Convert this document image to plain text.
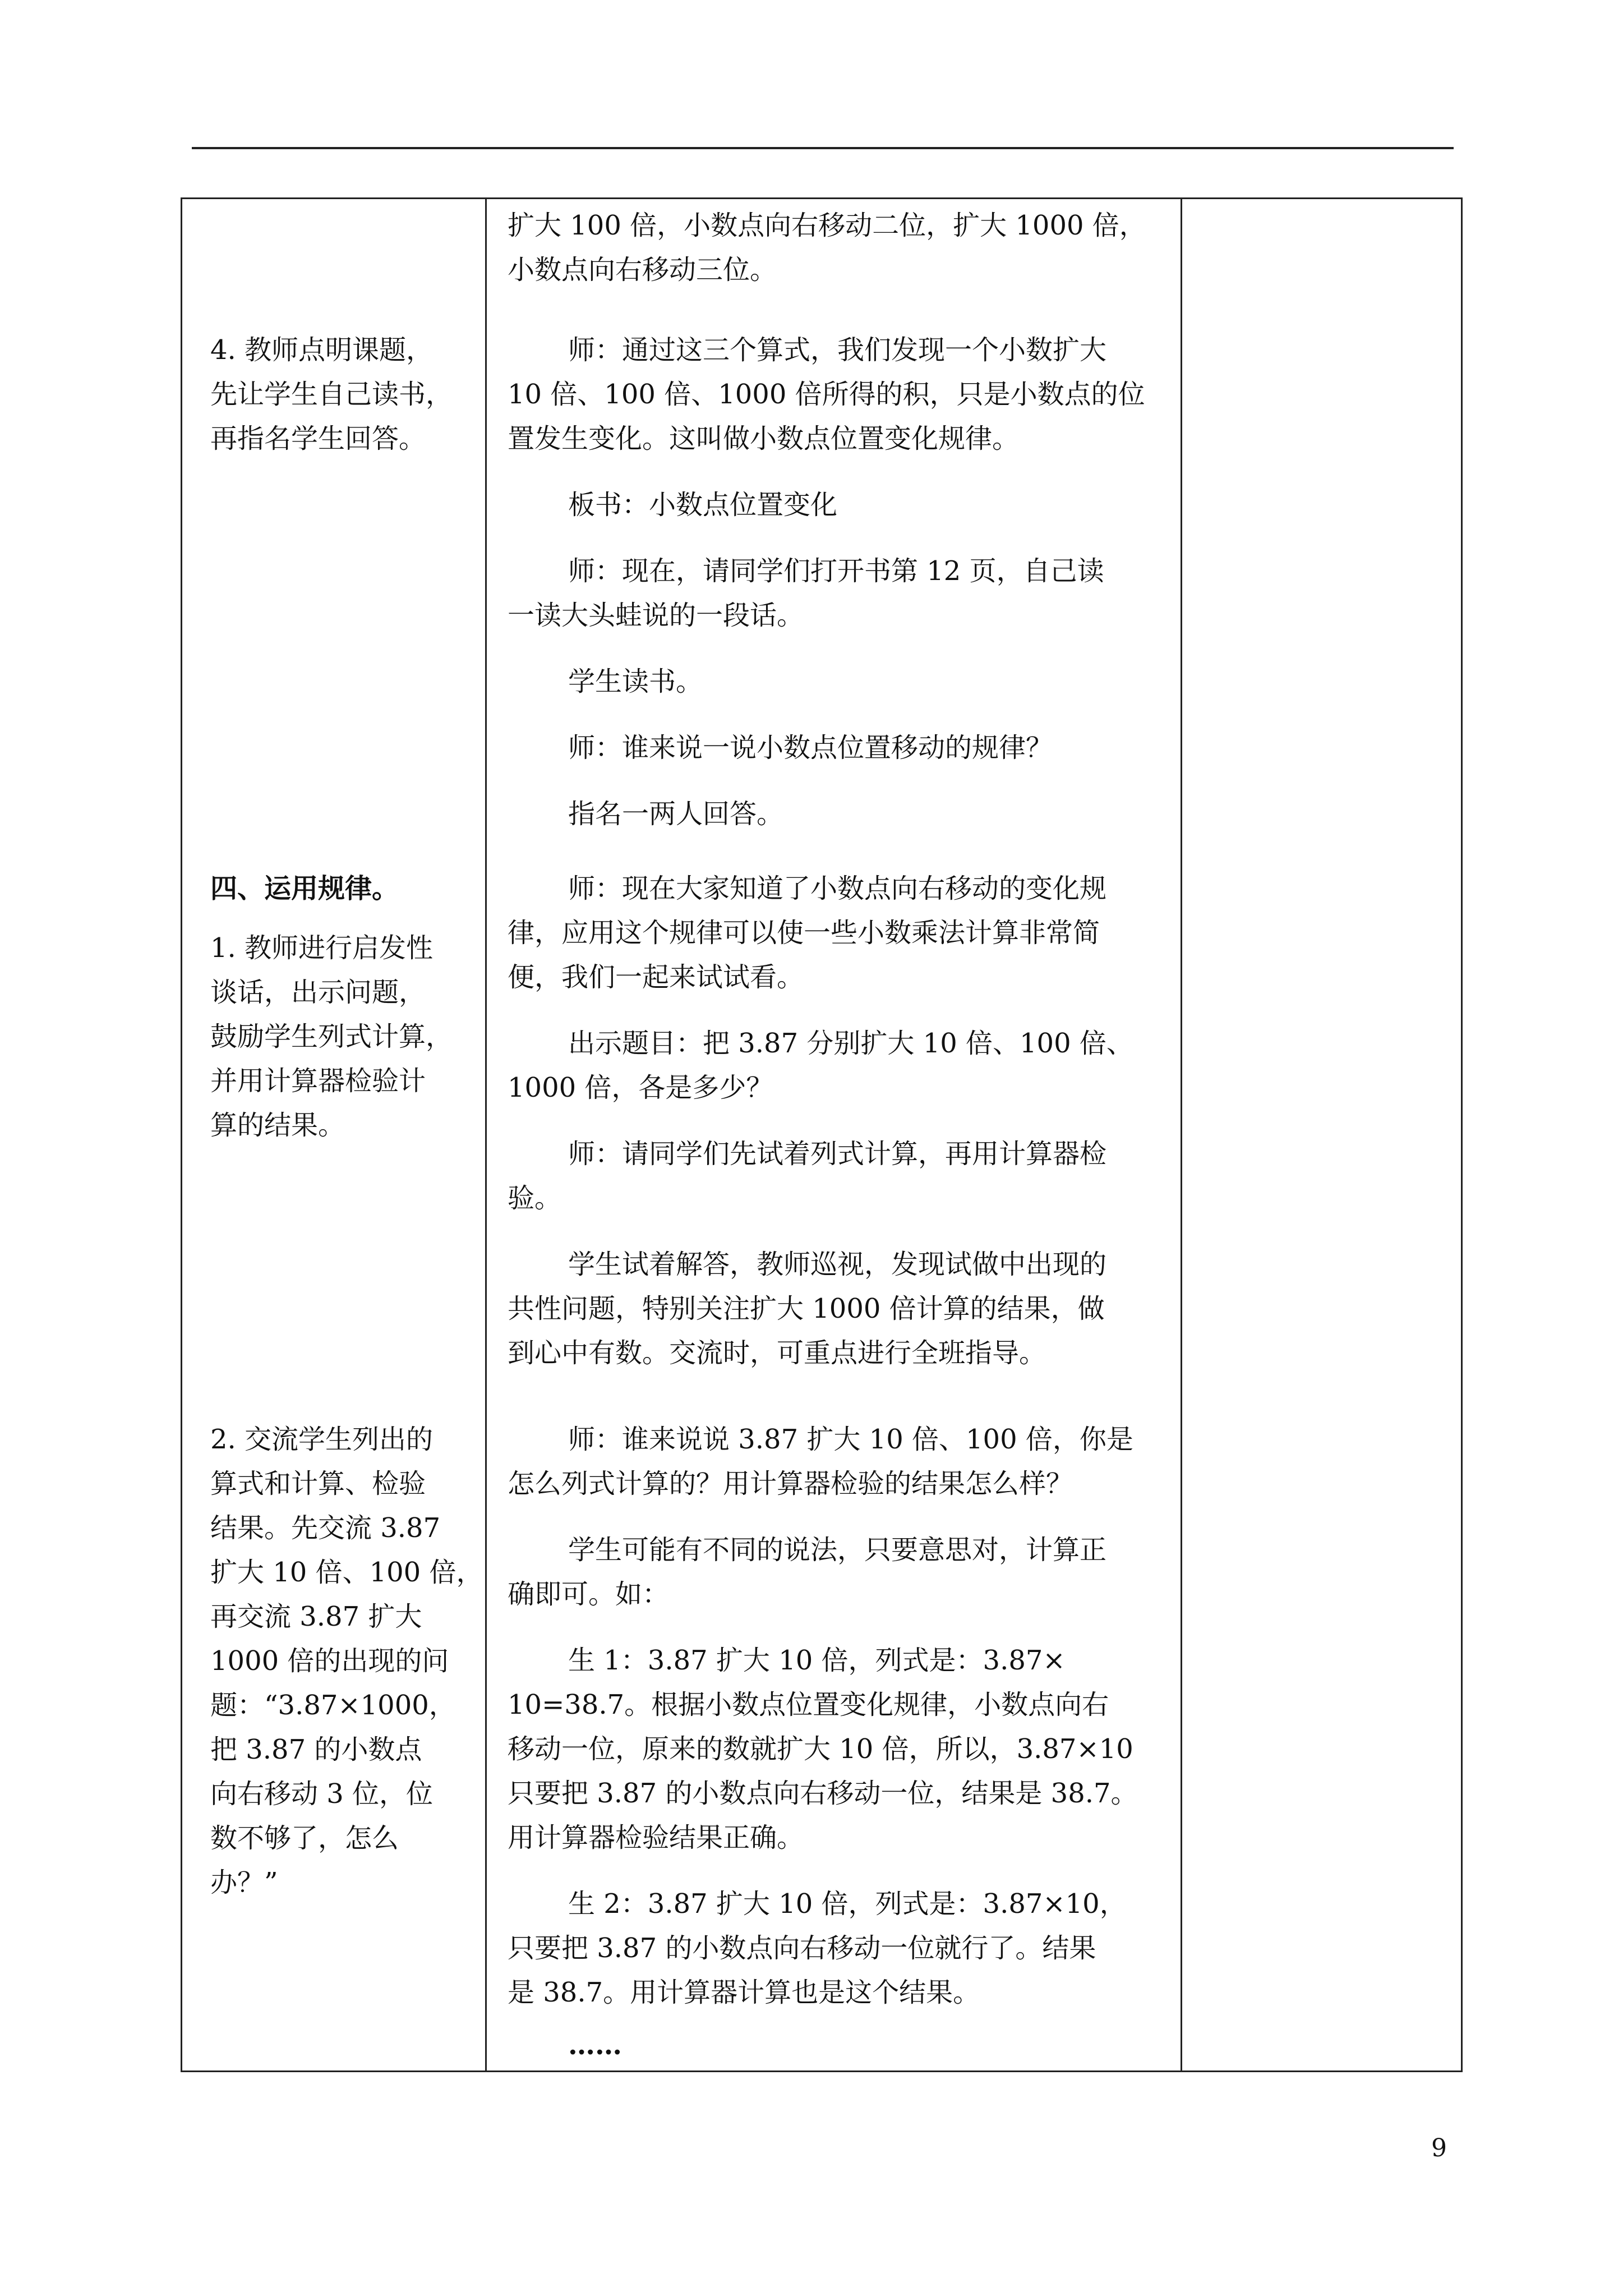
4. 教师点明课题，
先让学生自己读书，
再指名学生回答。
四、运用规律。
1. 教师进行启发性
谈话，出示问题，
鼓励学生列式计算，
并用计算器检验计
算的结果。
2. 交流学生列出的
算式和计算、检验
结果。先交流 3.87
扩大 10 倍、100 倍，
再交流 3.87 扩大
1000 倍的出现的问
题：“3.87×1000，
把 3.87 的小数点
向右移动 3 位，位
数不够了，怎么
办？”
扩大 100 倍，小数点向右移动二位，扩大 1000 倍，
小数点向右移动三位。
师：通过这三个算式，我们发现一个小数扩大
10 倍、100 倍、1000 倍所得的积，只是小数点的位
置发生变化。这叫做小数点位置变化规律。
板书：小数点位置变化
师：现在，请同学们打开书第 12 页，自己读
一读大头蛙说的一段话。
学生读书。
师：谁来说一说小数点位置移动的规律？
指名一两人回答。
师：现在大家知道了小数点向右移动的变化规
律，应用这个规律可以使一些小数乘法计算非常简
便，我们一起来试试看。
出示题目：把 3.87 分别扩大 10 倍、100 倍、
1000 倍，各是多少？
师：请同学们先试着列式计算，再用计算器检
验。
学生试着解答，教师巡视，发现试做中出现的
共性问题，特别关注扩大 1000 倍计算的结果，做
到心中有数。交流时，可重点进行全班指导。
师：谁来说说 3.87 扩大 10 倍、100 倍，你是
怎么列式计算的？用计算器检验的结果怎么样？
学生可能有不同的说法，只要意思对，计算正
确即可。如：
生 1：3.87 扩大 10 倍，列式是：3.87×
10=38.7。根据小数点位置变化规律，小数点向右
移动一位，原来的数就扩大 10 倍，所以，3.87×10
只要把 3.87 的小数点向右移动一位，结果是 38.7。
用计算器检验结果正确。
生 2：3.87 扩大 10 倍，列式是：3.87×10，
只要把 3.87 的小数点向右移动一位就行了。结果
是 38.7。用计算器计算也是这个结果。
……
9
